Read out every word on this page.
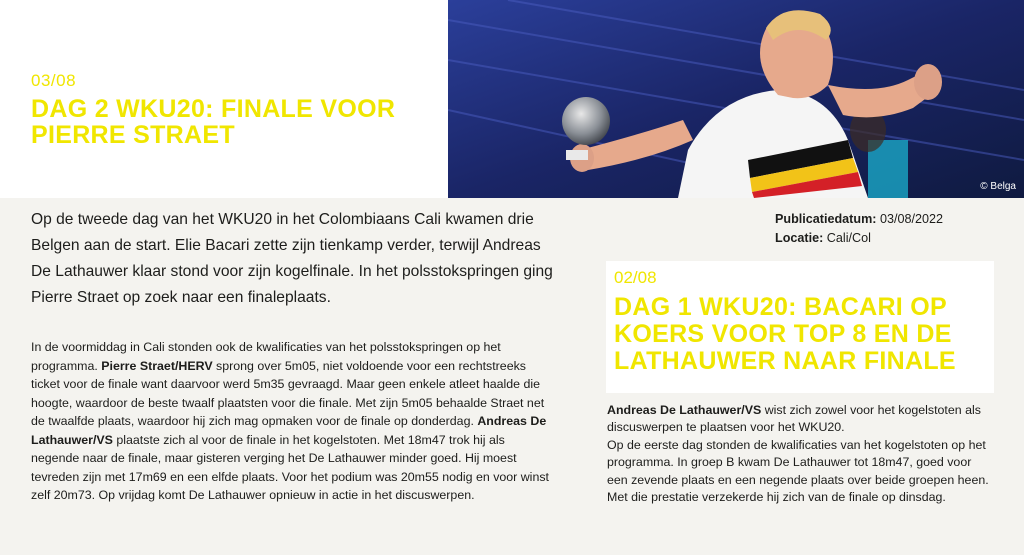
03/08
DAG 2 WKU20: FINALE VOOR PIERRE STRAET
© Belga

Op de tweede dag van het WKU20 in het Colombiaans Cali kwamen drie Belgen aan de start. Elie Bacari zette zijn tienkamp verder, terwijl Andreas De Lathauwer klaar stond voor zijn kogelfinale. In het polsstokspringen ging Pierre Straet op zoek naar een finaleplaats.

In de voormiddag in Cali stonden ook de kwalificaties van het polsstokspringen op het programma. Pierre Straet/HERV sprong over 5m05, niet voldoende voor een rechtstreeks ticket voor de finale want daarvoor werd 5m35 gevraagd. Maar geen enkele atleet haalde die hoogte, waardoor de beste twaalf plaatsten voor die finale. Met zijn 5m05 behaalde Straet net de twaalfde plaats, waardoor hij zich mag opmaken voor de finale op donderdag. Andreas De Lathauwer/VS plaatste zich al voor de finale in het kogelstoten. Met 18m47 trok hij als negende naar de finale, maar gisteren verging het De Lathauwer minder goed. Hij moest tevreden zijn met 17m69 en een elfde plaats. Voor het podium was 20m55 nodig en voor winst zelf 20m73. Op vrijdag komt De Lathauwer opnieuw in actie in het discuswerpen.

Publicatiedatum: 03/08/2022
Locatie: Cali/Col
02/08
DAG 1 WKU20: BACARI OP KOERS VOOR TOP 8 EN DE LATHAUWER NAAR FINALE

Andreas De Lathauwer/VS wist zich zowel voor het kogelstoten als discuswerpen te plaatsen voor het WKU20.

Op de eerste dag stonden de kwalificaties van het kogelstoten op het programma. In groep B kwam De Lathauwer tot 18m47, goed voor een zevende plaats en een negende plaats over beide groepen heen. Met die prestatie verzekerde hij zich van de finale op dinsdag.
